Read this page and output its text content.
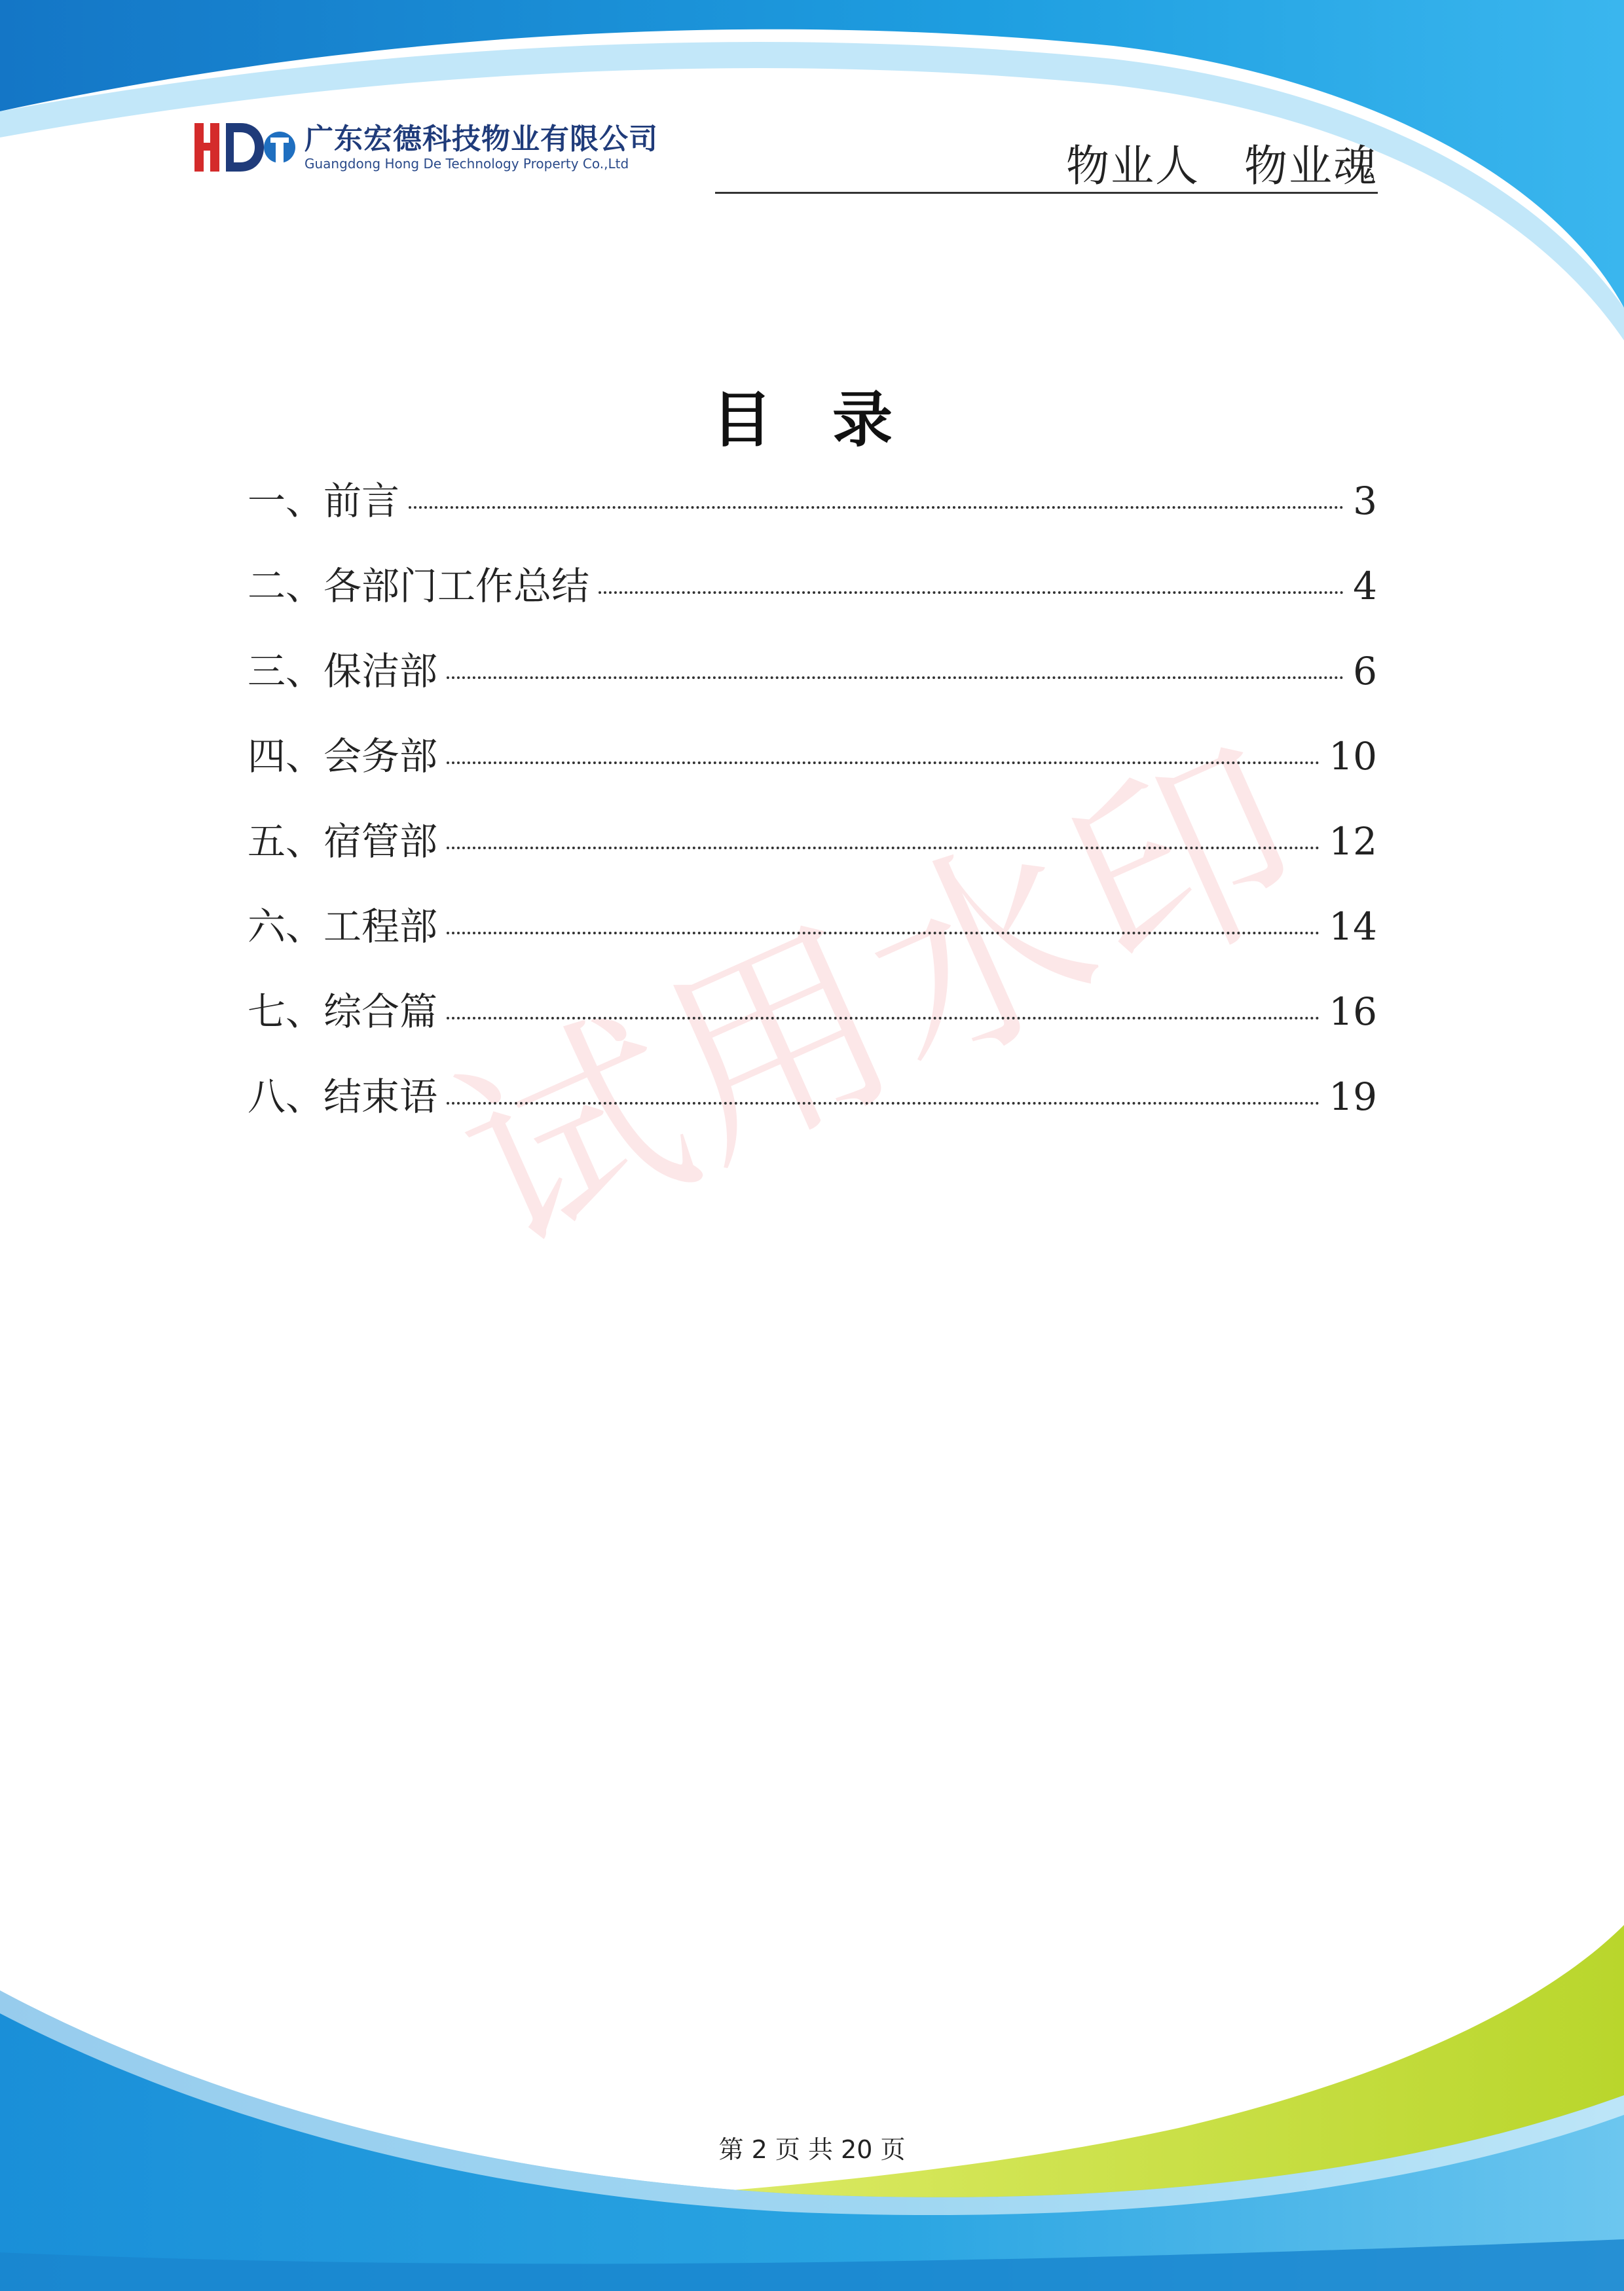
广东宏德科技物业有限公司
Guangdong Hong De Technology Property Co.,Ltd	物业人　物业魂
目 录
一、前言	3
二、各部门工作总结	4
三、保洁部	6
四、会务部	10
五、宿管部	12
六、工程部	14
七、综合篇	16
八、结束语	19
试用水印
第 2 页 共 20 页
